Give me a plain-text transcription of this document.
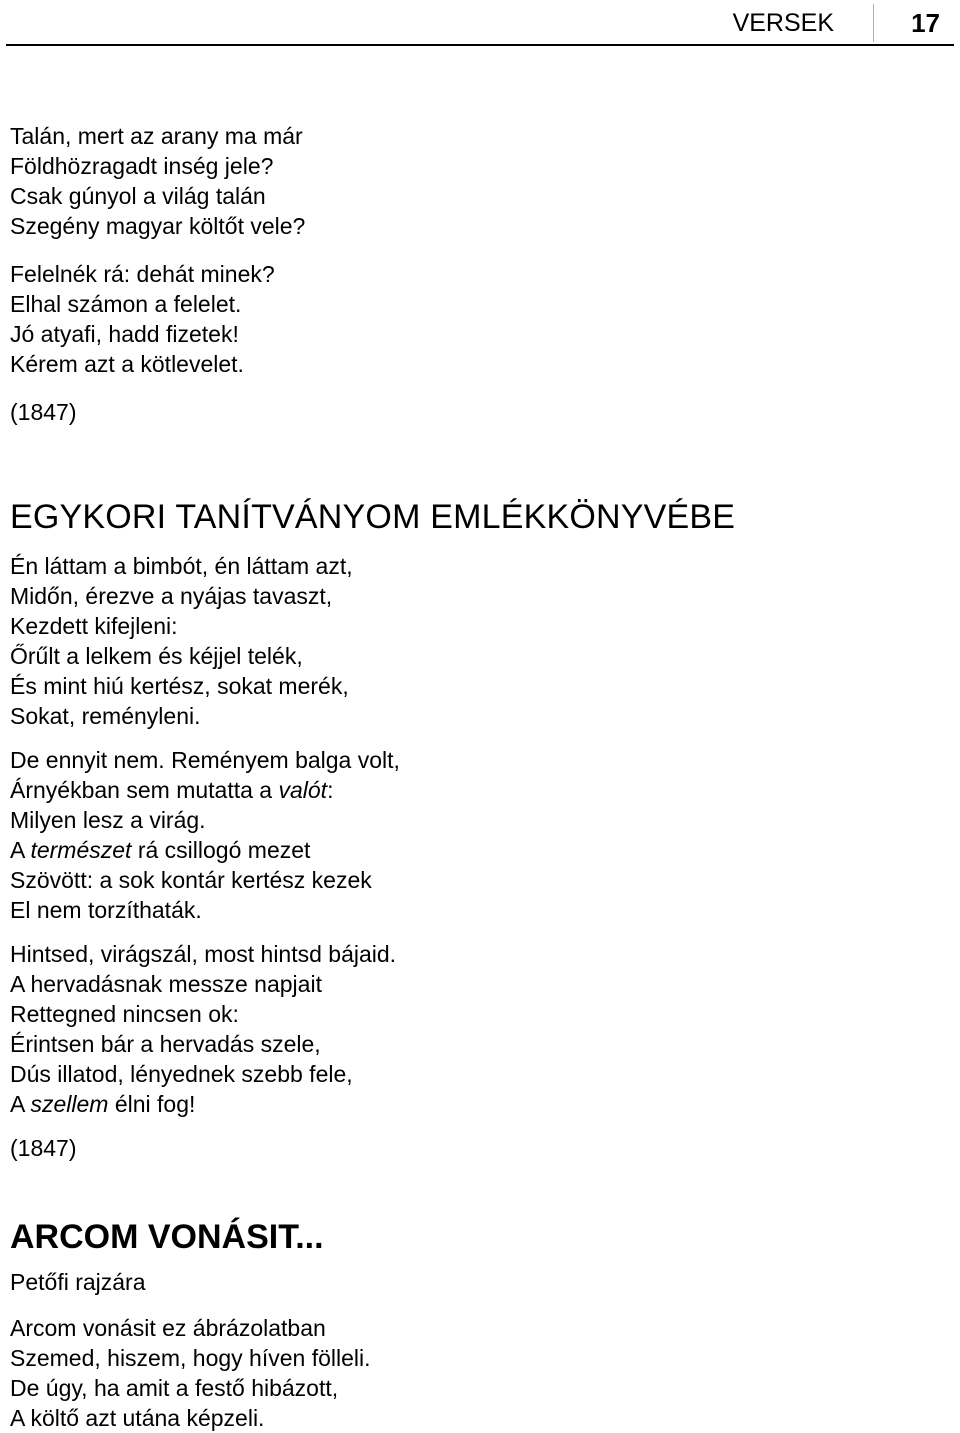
VERSEK	17
Talán, mert az arany ma már
Földhözragadt inség jele?
Csak gúnyol a világ talán
Szegény magyar költőt vele?
Felelnék rá: dehát minek?
Elhal számon a felelet.
Jó atyafi, hadd fizetek!
Kérem azt a kötlevelet.
(1847)
EGYKORI TANÍTVÁNYOM EMLÉKKÖNYVÉBE
Én láttam a bimbót, én láttam azt,
Midőn, érezve a nyájas tavaszt,
Kezdett kifejleni:
Őrűlt a lelkem és kéjjel telék,
És mint hiú kertész, sokat merék,
Sokat, reményleni.
De ennyit nem. Reményem balga volt,
Árnyékban sem mutatta a valót:
Milyen lesz a virág.
A természet rá csillogó mezet
Szövött: a sok kontár kertész kezek
El nem torzíthaták.
Hintsed, virágszál, most hintsd bájaid.
A hervadásnak messze napjait
Rettegned nincsen ok:
Érintsen bár a hervadás szele,
Dús illatod, lényednek szebb fele,
A szellem élni fog!
(1847)
ARCOM VONÁSIT...
Petőfi rajzára
Arcom vonásit ez ábrázolatban
Szemed, hiszem, hogy híven fölleli.
De úgy, ha amit a festő hibázott,
A költő azt utána képzeli.
